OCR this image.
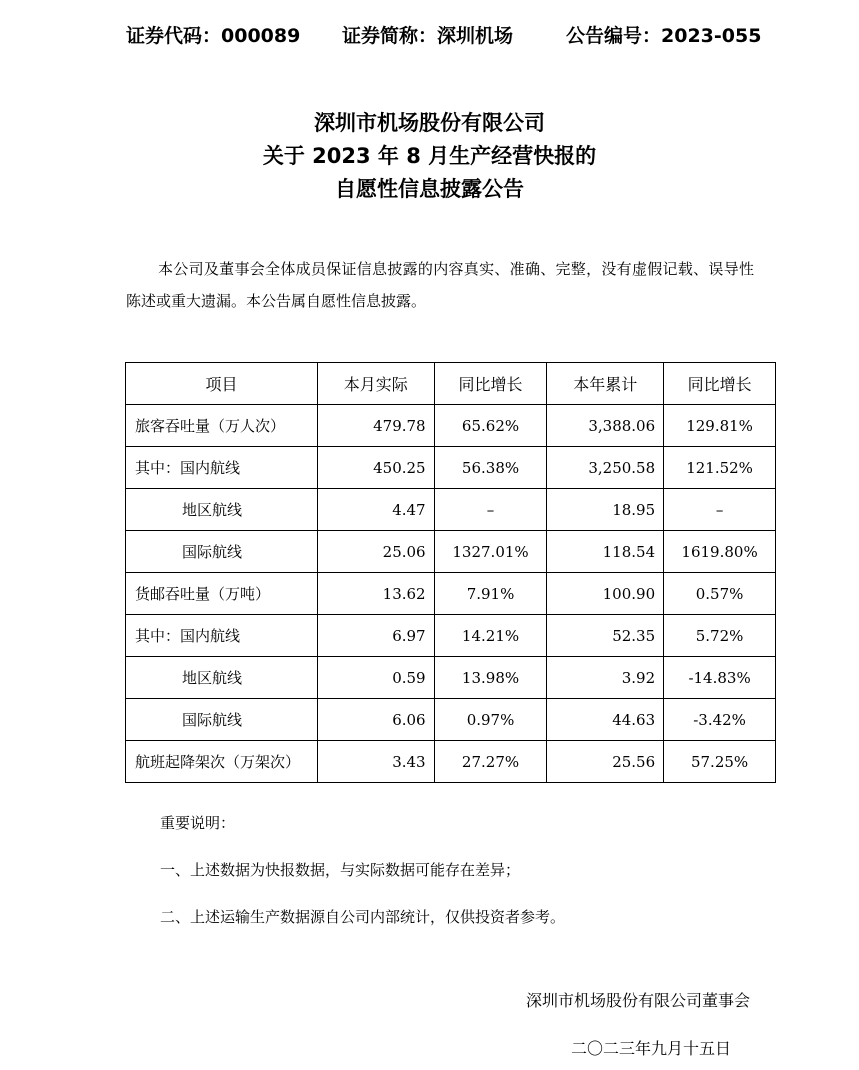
证券代码：000089 证券简称：深圳机场	公告编号：2023-055
深圳市机场股份有限公司
关于 2023 年 8 月生产经营快报的
自愿性信息披露公告
本公司及董事会全体成员保证信息披露的内容真实、准确、完整，没有虚假记载、误导性陈述或重大遗漏。本公告属自愿性信息披露。
项目	本月实际	同比增长	本年累计	同比增长
旅客吞吐量（万人次）	479.78	65.62%	3,388.06	129.81%
其中：国内航线	450.25	56.38%	3,250.58	121.52%
地区航线	4.47	–	18.95	–
国际航线	25.06	1327.01%	118.54	1619.80%
货邮吞吐量（万吨）	13.62	7.91%	100.90	0.57%
其中：国内航线	6.97	14.21%	52.35	5.72%
地区航线	0.59	13.98%	3.92	-14.83%
国际航线	6.06	0.97%	44.63	-3.42%
航班起降架次（万架次）	3.43	27.27%	25.56	57.25%
重要说明：
一、上述数据为快报数据，与实际数据可能存在差异；
二、上述运输生产数据源自公司内部统计，仅供投资者参考。
深圳市机场股份有限公司董事会
二〇二三年九月十五日
